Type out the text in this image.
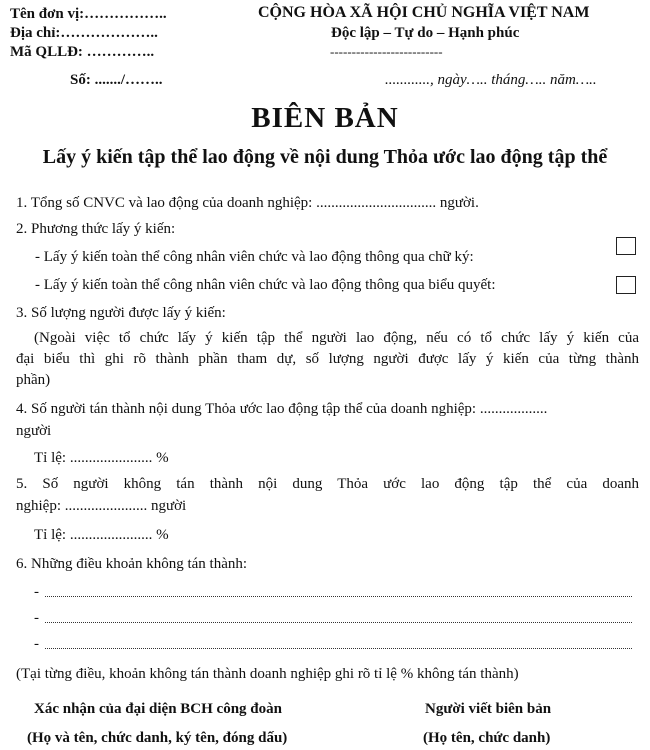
Tên đơn vị:……………..
Địa chỉ:………………..
Mã QLLĐ: …………..
Số: ......./……..
CỘNG HÒA XÃ HỘI CHỦ NGHĨA VIỆT NAM
Độc lập – Tự do – Hạnh phúc
--------------------------
............, ngày….. tháng….. năm…..
BIÊN BẢN
Lấy ý kiến tập thể lao động về nội dung Thỏa ước lao động tập thể
1. Tổng số CNVC và lao động của doanh nghiệp: ................................ người.
2. Phương thức lấy ý kiến:
- Lấy ý kiến toàn thể công nhân viên chức và lao động thông qua chữ ký:
- Lấy ý kiến toàn thể công nhân viên chức và lao động thông qua biểu quyết:
3. Số lượng người được lấy ý kiến:
(Ngoài việc tổ chức lấy ý kiến tập thể người lao động, nếu có tổ chức lấy ý kiến của
đại biểu thì ghi rõ thành phần tham dự, số lượng người được lấy ý kiến của từng thành
phần)
4. Số người tán thành nội dung Thỏa ước lao động tập thể của doanh nghiệp: ..................
người
Tỉ lệ: ...................... %
5. Số người không tán thành nội dung Thỏa ước lao động tập thể của doanh
nghiệp: ...................... người
Tỉ lệ: ...................... %
6. Những điều khoản không tán thành:
-
-
-
(Tại từng điều, khoản không tán thành doanh nghiệp ghi rõ tỉ lệ % không tán thành)
Xác nhận của đại diện BCH công đoàn
(Họ và tên, chức danh, ký tên, đóng dấu)
Người viết biên bản
(Họ tên, chức danh)
